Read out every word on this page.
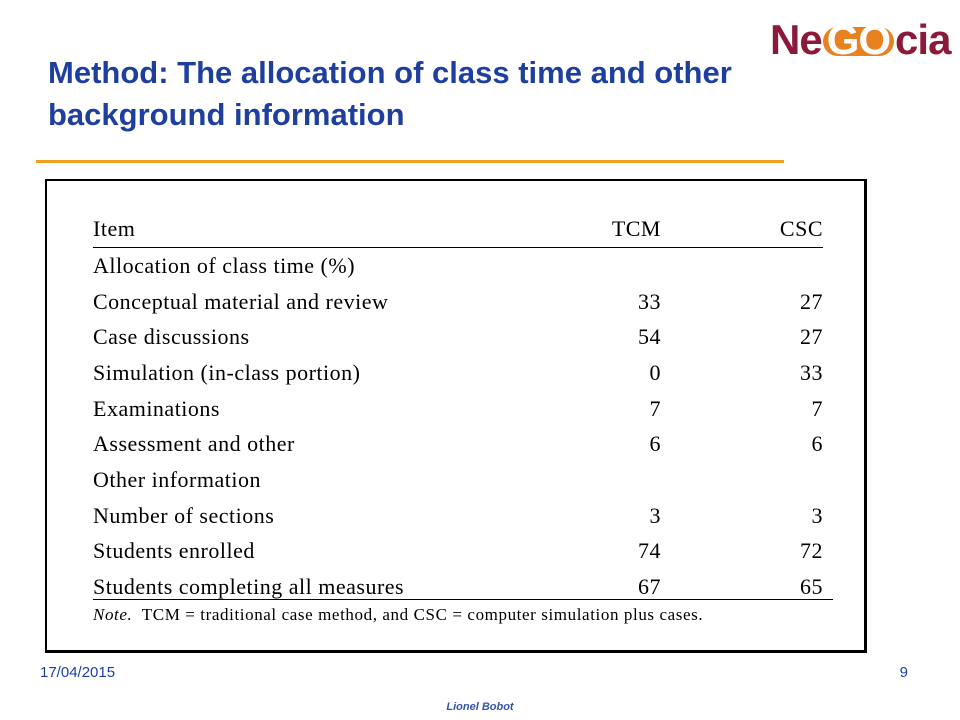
Ne GO cia
Method: The allocation of class time and other background information
Item	TCM	CSC
Allocation of class time (%)		
Conceptual material and review	33	27
Case discussions	54	27
Simulation (in-class portion)	0	33
Examinations	7	7
Assessment and other	6	6
Other information		
Number of sections	3	3
Students enrolled	74	72
Students completing all measures	67	65
Note. TCM = traditional case method, and CSC = computer simulation plus cases.
17/04/2015	9
Lionel Bobot
